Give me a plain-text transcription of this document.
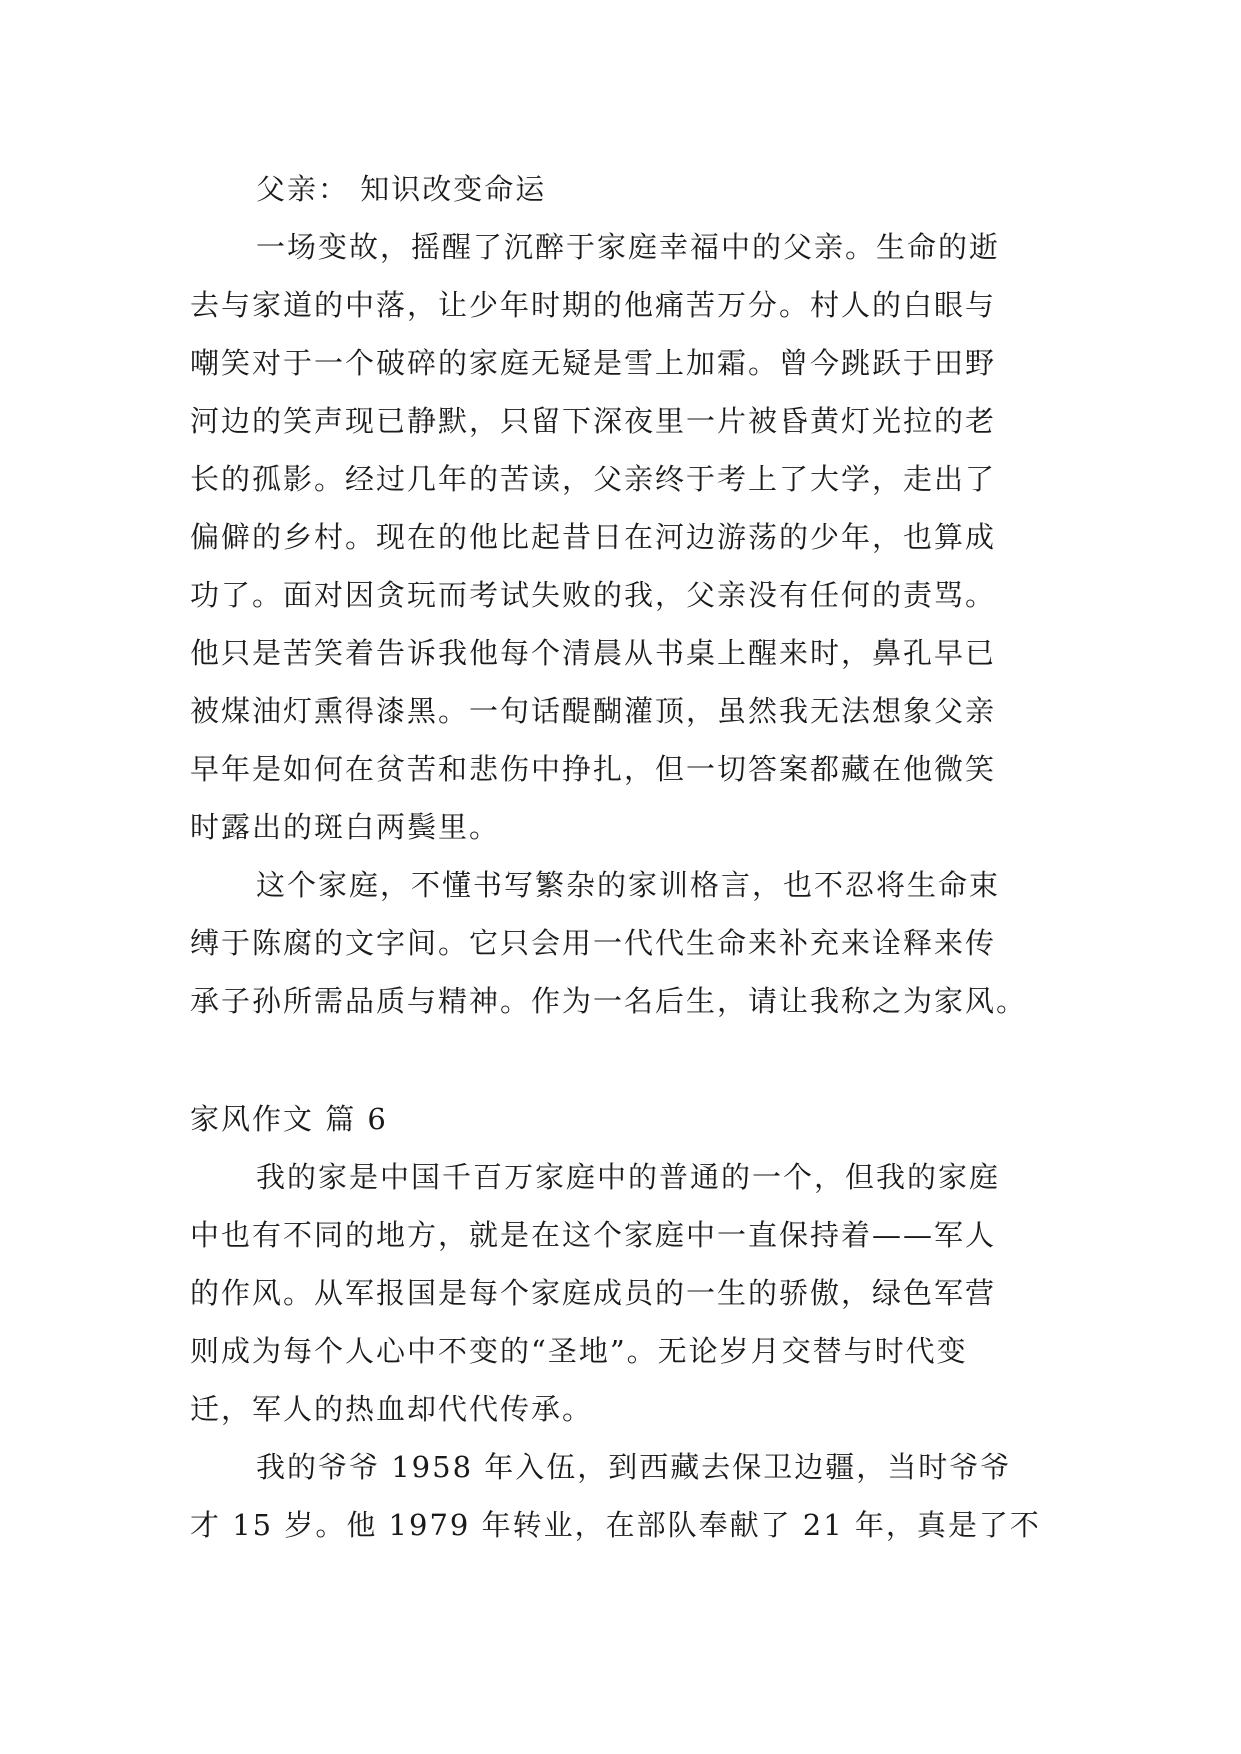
父亲： 知识改变命运
一场变故，摇醒了沉醉于家庭幸福中的父亲。生命的逝
去与家道的中落，让少年时期的他痛苦万分。村人的白眼与
嘲笑对于一个破碎的家庭无疑是雪上加霜。曾今跳跃于田野
河边的笑声现已静默，只留下深夜里一片被昏黄灯光拉的老
长的孤影。经过几年的苦读，父亲终于考上了大学，走出了
偏僻的乡村。现在的他比起昔日在河边游荡的少年，也算成
功了。面对因贪玩而考试失败的我，父亲没有任何的责骂。
他只是苦笑着告诉我他每个清晨从书桌上醒来时，鼻孔早已
被煤油灯熏得漆黑。一句话醍醐灌顶，虽然我无法想象父亲
早年是如何在贫苦和悲伤中挣扎，但一切答案都藏在他微笑
时露出的斑白两鬓里。
这个家庭，不懂书写繁杂的家训格言，也不忍将生命束
缚于陈腐的文字间。它只会用一代代生命来补充来诠释来传
承子孙所需品质与精神。作为一名后生，请让我称之为家风。
家风作文 篇 6
我的家是中国千百万家庭中的普通的一个，但我的家庭
中也有不同的地方，就是在这个家庭中一直保持着——军人
的作风。从军报国是每个家庭成员的一生的骄傲，绿色军营
则成为每个人心中不变的“圣地”。无论岁月交替与时代变
迁，军人的热血却代代传承。
我的爷爷 1958 年入伍，到西藏去保卫边疆，当时爷爷
才 15 岁。他 1979 年转业，在部队奉献了 21 年，真是了不
